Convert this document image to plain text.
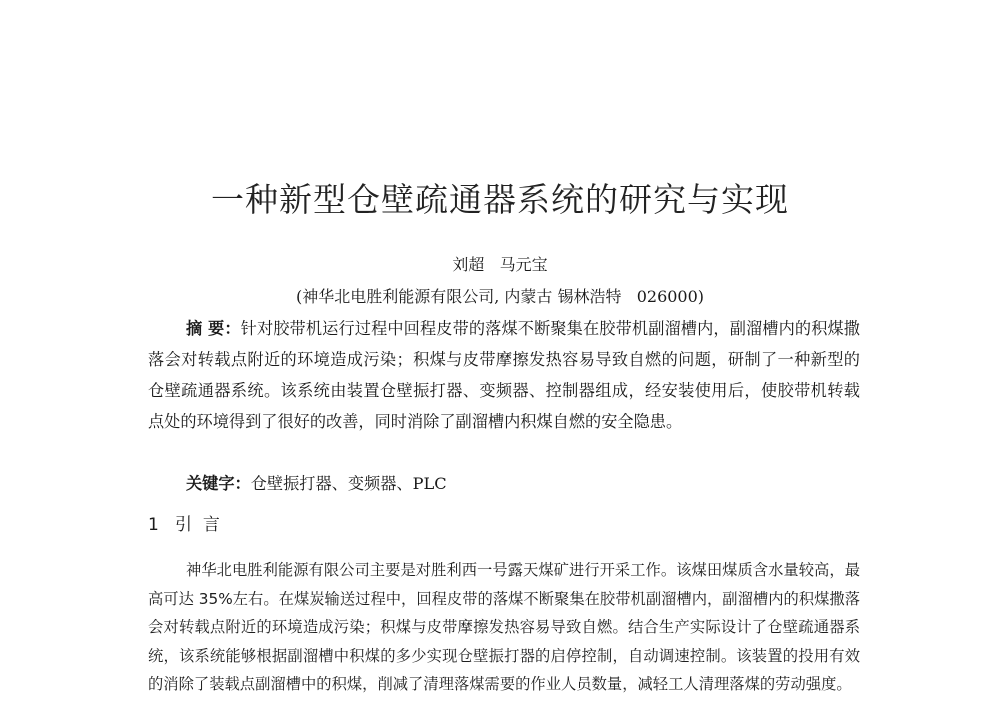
一种新型仓壁疏通器系统的研究与实现
刘超   马元宝
(神华北电胜利能源有限公司, 内蒙古 锡林浩特   026000)
摘 要：针对胶带机运行过程中回程皮带的落煤不断聚集在胶带机副溜槽内，副溜槽内的积煤撒落会对转载点附近的环境造成污染；积煤与皮带摩擦发热容易导致自燃的问题，研制了一种新型的仓壁疏通器系统。该系统由装置仓壁振打器、变频器、控制器组成，经安装使用后，使胶带机转载点处的环境得到了很好的改善，同时消除了副溜槽内积煤自燃的安全隐患。
关键字：仓壁振打器、变频器、PLC
1 引  言
神华北电胜利能源有限公司主要是对胜利西一号露天煤矿进行开采工作。该煤田煤质含水量较高，最高可达 35%左右。在煤炭输送过程中，回程皮带的落煤不断聚集在胶带机副溜槽内，副溜槽内的积煤撒落会对转载点附近的环境造成污染；积煤与皮带摩擦发热容易导致自燃。结合生产实际设计了仓壁疏通器系统，该系统能够根据副溜槽中积煤的多少实现仓壁振打器的启停控制，自动调速控制。该装置的投用有效的消除了装载点副溜槽中的积煤，削减了清理落煤需要的作业人员数量，减轻工人清理落煤的劳动强度。
